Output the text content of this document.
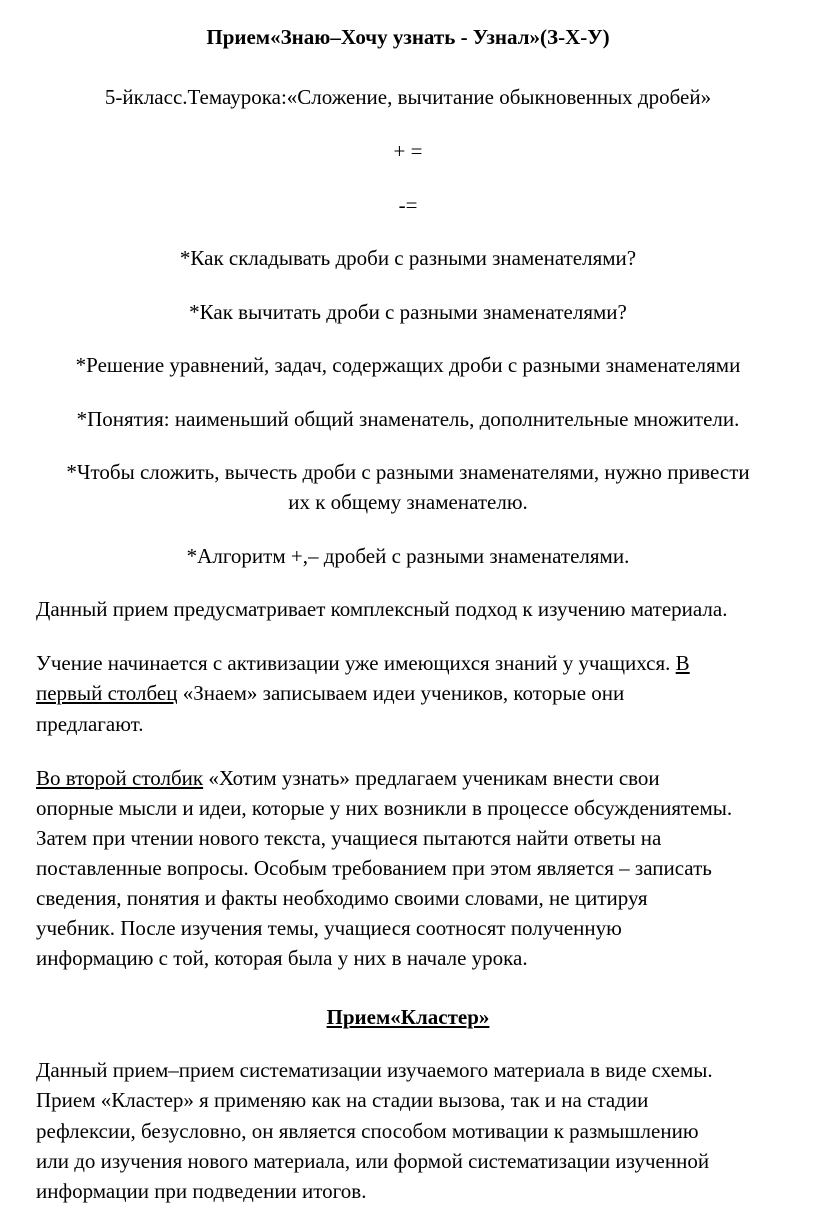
Прием«Знаю–Хочу узнать - Узнал»(З-Х-У)
5-йкласс.Темаурока:«Сложение, вычитание обыкновенных дробей»
+ =
-=
*Как складывать дроби с разными знаменателями?
*Как вычитать дроби с разными знаменателями?
*Решение уравнений, задач, содержащих дроби с разными знаменателями
*Понятия: наименьший общий знаменатель, дополнительные множители.
*Чтобы сложить, вычесть дроби с разными знаменателями, нужно привести
их к общему знаменателю.
*Алгоритм +,– дробей с разными знаменателями.
Данный прием предусматривает комплексный подход к изучению материала.
Учение начинается с активизации уже имеющихся знаний у учащихся. В
первый столбец «Знаем» записываем идеи учеников, которые они
предлагают.
Во второй столбик «Хотим узнать» предлагаем ученикам внести свои
опорные мысли и идеи, которые у них возникли в процессе обсуждениятемы.
Затем при чтении нового текста, учащиеся пытаются найти ответы на
поставленные вопросы. Особым требованием при этом является – записать
сведения, понятия и факты необходимо своими словами, не цитируя
учебник. После изучения темы, учащиеся соотносят полученную
информацию с той, которая была у них в начале урока.
Прием«Кластер»
Данный прием–прием систематизации изучаемого материала в виде схемы.
Прием «Кластер» я применяю как на стадии вызова, так и на стадии
рефлексии, безусловно, он является способом мотивации к размышлению
или до изучения нового материала, или формой систематизации изученной
информации при подведении итогов.
